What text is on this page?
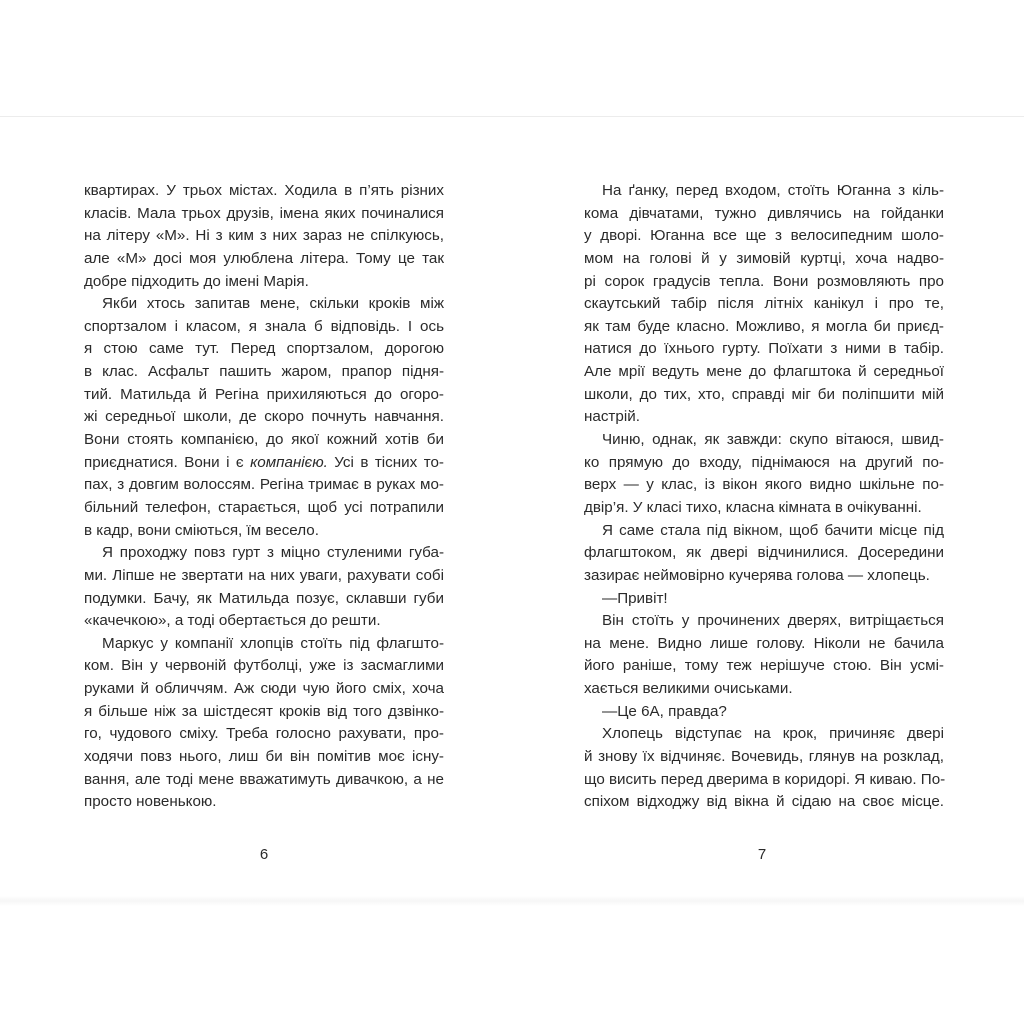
квартирах. У трьох містах. Ходила в п’ять різних
класів. Мала трьох друзів, імена яких починалися
на літеру «М». Ні з ким з них зараз не спілкуюсь,
але «М» досі моя улюблена літера. Тому це так
добре підходить до імені Марія.
Якби хтось запитав мене, скільки кроків між
спортзалом і класом, я знала б відповідь. І ось
я стою саме тут. Перед спортзалом, дорогою
в клас. Асфальт пашить жаром, прапор підня-
тий. Матильда й Регіна прихиляються до огоро-
жі середньої школи, де скоро почнуть навчання.
Вони стоять компанією, до якої кожний хотів би
приєднатися. Вони і є компанією. Усі в тісних то-
пах, з довгим волоссям. Регіна тримає в руках мо-
більний телефон, старається, щоб усі потрапили
в кадр, вони сміються, їм весело.
Я проходжу повз гурт з міцно стуленими губа-
ми. Ліпше не звертати на них уваги, рахувати собі
подумки. Бачу, як Матильда позує, склавши губи
«качечкою», а тоді обертається до решти.
Маркус у компанії хлопців стоїть під флагшто-
ком. Він у червоній футболці, уже із засмаглими
руками й обличчям. Аж сюди чую його сміх, хоча
я більше ніж за шістдесят кроків від того дзвінко-
го, чудового сміху. Треба голосно рахувати, про-
ходячи повз нього, лиш би він помітив моє існу-
вання, але тоді мене вважатимуть дивачкою, а не
просто новенькою.
На ґанку, перед входом, стоїть Юганна з кіль-
кома дівчатами, тужно дивлячись на гойданки
у дворі. Юганна все ще з велосипедним шоло-
мом на голові й у зимовій куртці, хоча надво-
рі сорок градусів тепла. Вони розмовляють про
скаутський табір після літніх канікул і про те,
як там буде класно. Можливо, я могла би приєд-
натися до їхнього гурту. Поїхати з ними в табір.
Але мрії ведуть мене до флагштока й середньої
школи, до тих, хто, справді міг би поліпшити мій
настрій.
Чиню, однак, як завжди: скупо вітаюся, швид-
ко прямую до входу, піднімаюся на другий по-
верх — у клас, із вікон якого видно шкільне по-
двір’я. У класі тихо, класна кімната в очікуванні.
Я саме стала під вікном, щоб бачити місце під
флагштоком, як двері відчинилися. Досередини
зазирає неймовірно кучерява голова — хлопець.
—Привіт!
Він стоїть у прочинених дверях, витріщається
на мене. Видно лише голову. Ніколи не бачила
його раніше, тому теж нерішуче стою. Він усмі-
хається великими очиськами.
—Це 6А, правда?
Хлопець відступає на крок, причиняє двері
й знову їх відчиняє. Вочевидь, глянув на розклад,
що висить перед дверима в коридорі. Я киваю. По-
спіхом відходжу від вікна й сідаю на своє місце.
6	7
